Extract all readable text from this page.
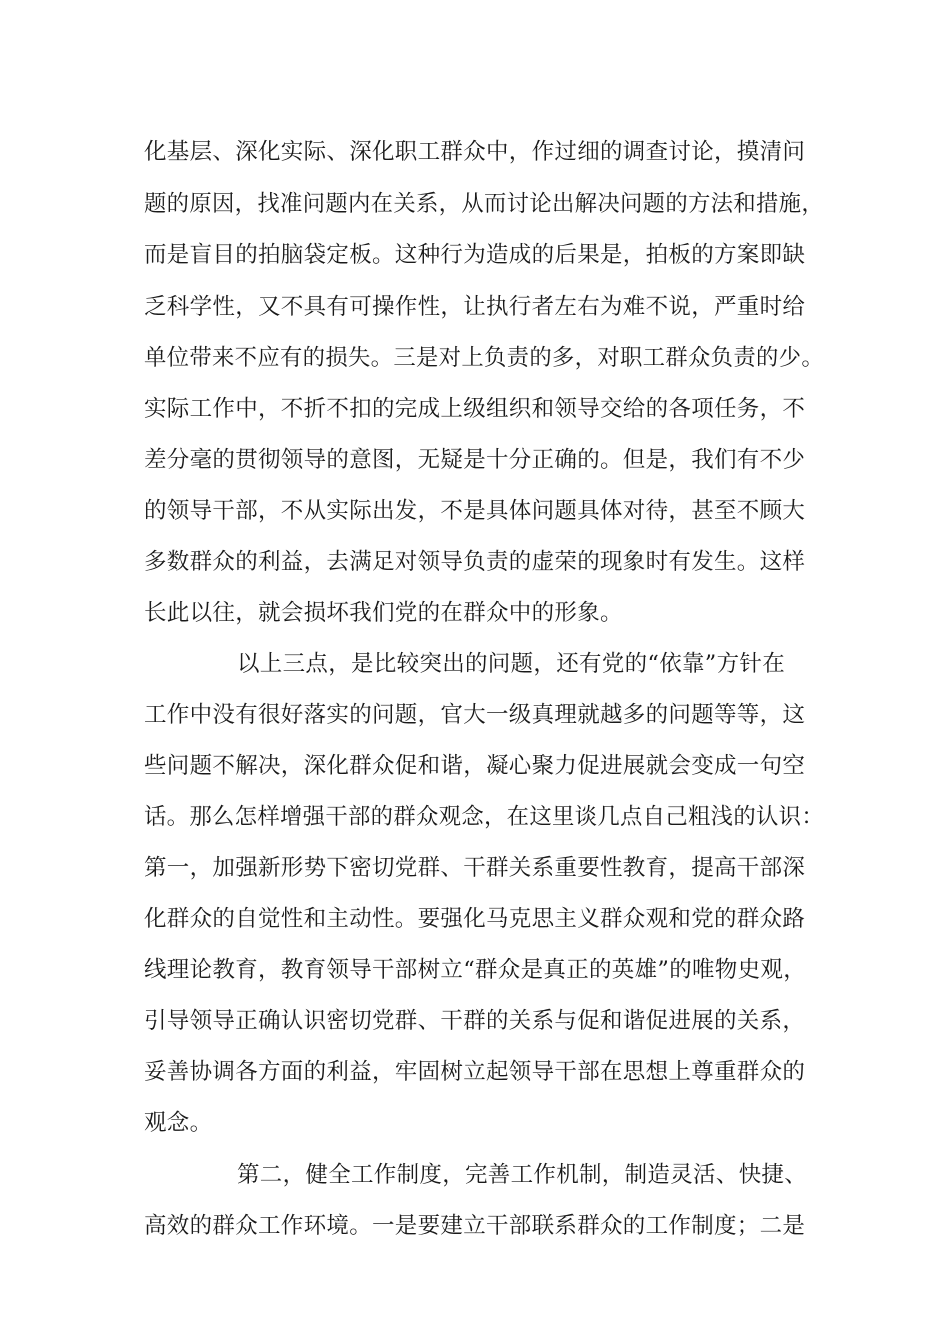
化基层、深化实际、深化职工群众中，作过细的调查讨论，摸清问
题的原因，找准问题内在关系，从而讨论出解决问题的方法和措施，
而是盲目的拍脑袋定板。这种行为造成的后果是，拍板的方案即缺
乏科学性，又不具有可操作性，让执行者左右为难不说，严重时给
单位带来不应有的损失。三是对上负责的多，对职工群众负责的少。
实际工作中，不折不扣的完成上级组织和领导交给的各项任务，不
差分毫的贯彻领导的意图，无疑是十分正确的。但是，我们有不少
的领导干部，不从实际出发，不是具体问题具体对待，甚至不顾大
多数群众的利益，去满足对领导负责的虚荣的现象时有发生。这样
长此以往，就会损坏我们党的在群众中的形象。
以上三点，是比较突出的问题，还有党的“依靠”方针在
工作中没有很好落实的问题，官大一级真理就越多的问题等等，这
些问题不解决，深化群众促和谐，凝心聚力促进展就会变成一句空
话。那么怎样增强干部的群众观念，在这里谈几点自己粗浅的认识：
第一，加强新形势下密切党群、干群关系重要性教育，提高干部深
化群众的自觉性和主动性。要强化马克思主义群众观和党的群众路
线理论教育，教育领导干部树立“群众是真正的英雄”的唯物史观，
引导领导正确认识密切党群、干群的关系与促和谐促进展的关系，
妥善协调各方面的利益，牢固树立起领导干部在思想上尊重群众的
观念。
第二，健全工作制度，完善工作机制，制造灵活、快捷、
高效的群众工作环境。一是要建立干部联系群众的工作制度；二是
